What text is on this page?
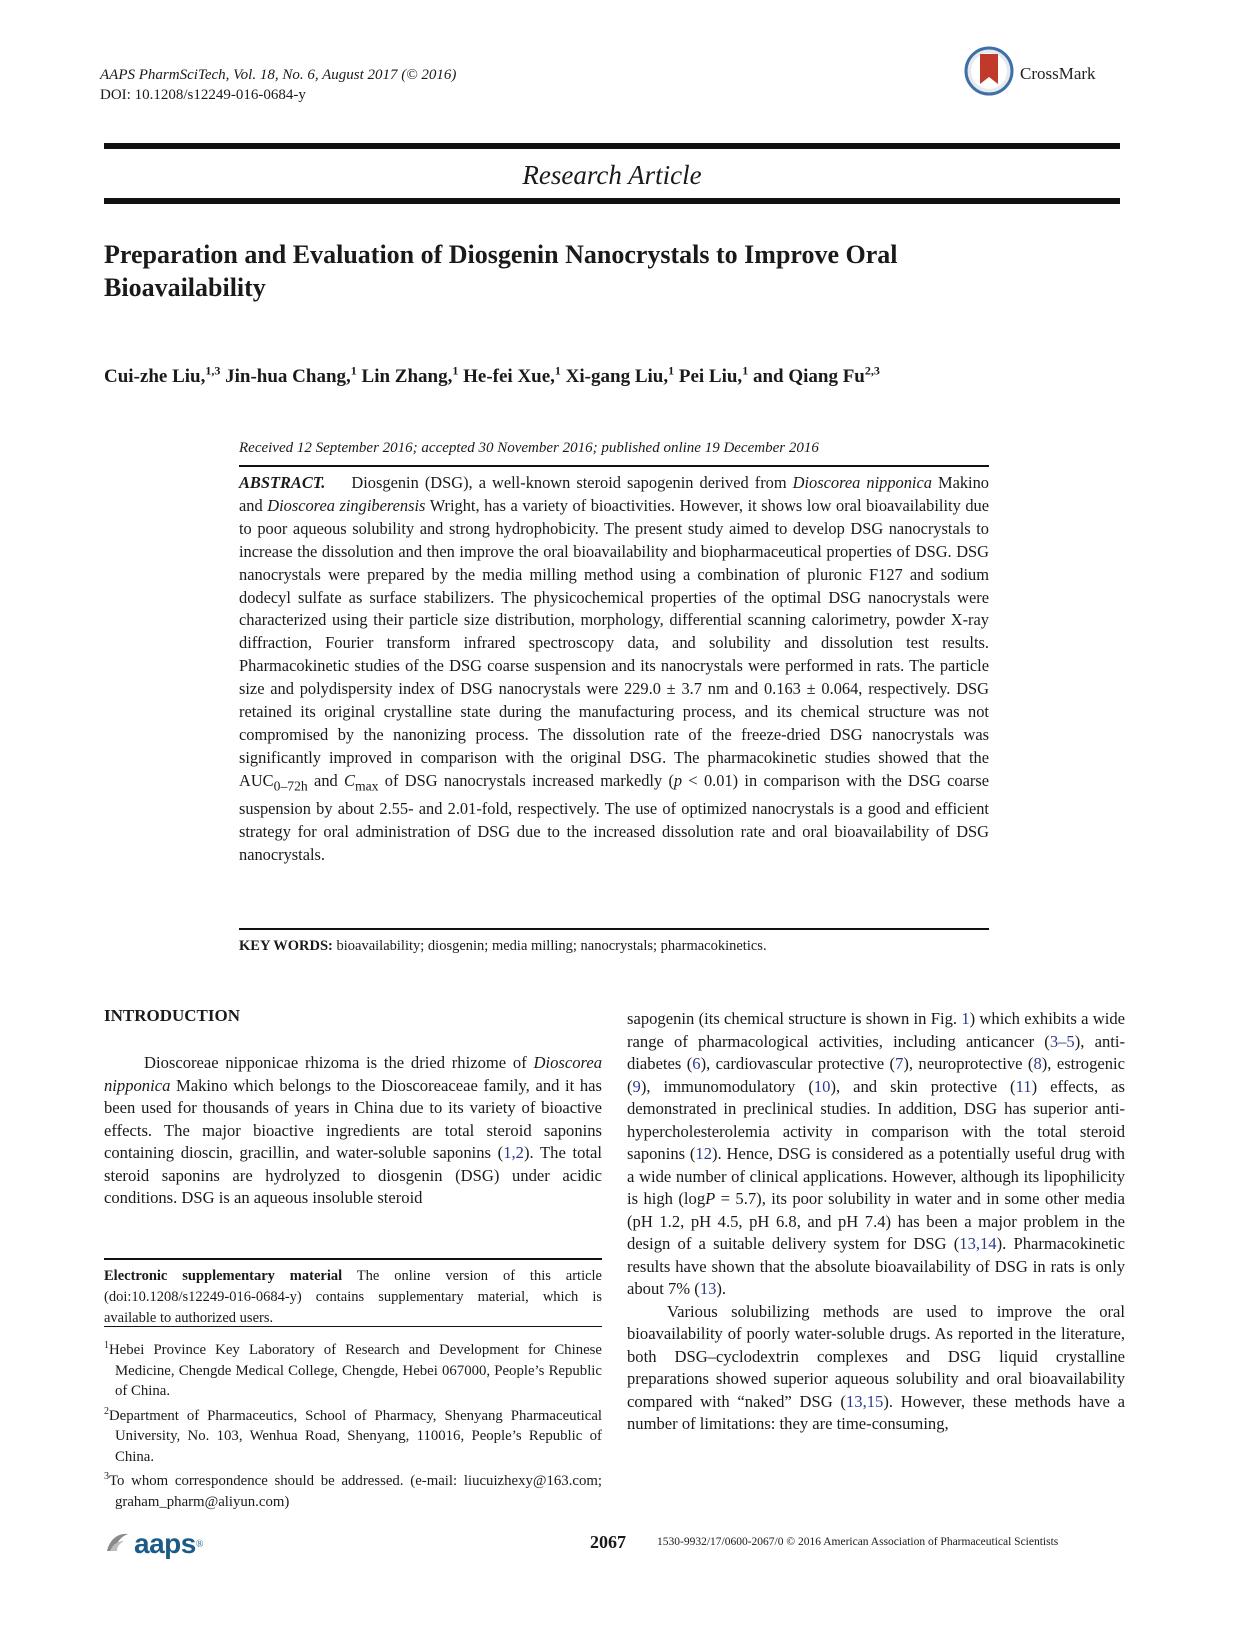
AAPS PharmSciTech, Vol. 18, No. 6, August 2017 (© 2016)
DOI: 10.1208/s12249-016-0684-y
CrossMark
Research Article
Preparation and Evaluation of Diosgenin Nanocrystals to Improve Oral Bioavailability
Cui-zhe Liu,$^{1,3}$ Jin-hua Chang,$^1$ Lin Zhang,$^1$ He-fei Xue,$^1$ Xi-gang Liu,$^1$ Pei Liu,$^1$ and Qiang Fu$^{2,3}$
Received 12 September 2016; accepted 30 November 2016; published online 19 December 2016
ABSTRACT. Diosgenin (DSG), a well-known steroid sapogenin derived from Dioscorea nipponica Makino and Dioscorea zingiberensis Wright, has a variety of bioactivities. However, it shows low oral bioavailability due to poor aqueous solubility and strong hydrophobicity. The present study aimed to develop DSG nanocrystals to increase the dissolution and then improve the oral bioavailability and biopharmaceutical properties of DSG. DSG nanocrystals were prepared by the media milling method using a combination of pluronic F127 and sodium dodecyl sulfate as surface stabilizers. The physicochemical properties of the optimal DSG nanocrystals were characterized using their particle size distribution, morphology, differential scanning calorimetry, powder X-ray diffraction, Fourier transform infrared spectroscopy data, and solubility and dissolution test results. Pharmacokinetic studies of the DSG coarse suspension and its nanocrystals were performed in rats. The particle size and polydispersity index of DSG nanocrystals were 229.0 ± 3.7 nm and 0.163 ± 0.064, respectively. DSG retained its original crystalline state during the manufacturing process, and its chemical structure was not compromised by the nanonizing process. The dissolution rate of the freeze-dried DSG nanocrystals was significantly improved in comparison with the original DSG. The pharmacokinetic studies showed that the $AUC_{0-72h}$ and $C_{max}$ of DSG nanocrystals increased markedly (p < 0.01) in comparison with the DSG coarse suspension by about 2.55- and 2.01-fold, respectively. The use of optimized nanocrystals is a good and efficient strategy for oral administration of DSG due to the increased dissolution rate and oral bioavailability of DSG nanocrystals.
KEY WORDS: bioavailability; diosgenin; media milling; nanocrystals; pharmacokinetics.
INTRODUCTION
Dioscoreae nipponicae rhizoma is the dried rhizome of Dioscorea nipponica Makino which belongs to the Dioscoreaceae family, and it has been used for thousands of years in China due to its variety of bioactive effects. The major bioactive ingredients are total steroid saponins containing dioscin, gracillin, and water-soluble saponins (1,2). The total steroid saponins are hydrolyzed to diosgenin (DSG) under acidic conditions. DSG is an aqueous insoluble steroid
sapogenin (its chemical structure is shown in Fig. 1) which exhibits a wide range of pharmacological activities, including anticancer (3–5), anti-diabetes (6), cardiovascular protective (7), neuroprotective (8), estrogenic (9), immunomodulatory (10), and skin protective (11) effects, as demonstrated in preclinical studies. In addition, DSG has superior anti-hypercholesterolemia activity in comparison with the total steroid saponins (12). Hence, DSG is considered as a potentially useful drug with a wide number of clinical applications. However, although its lipophilicity is high (logP = 5.7), its poor solubility in water and in some other media (pH 1.2, pH 4.5, pH 6.8, and pH 7.4) has been a major problem in the design of a suitable delivery system for DSG (13,14). Pharmacokinetic results have shown that the absolute bioavailability of DSG in rats is only about 7% (13).
Various solubilizing methods are used to improve the oral bioavailability of poorly water-soluble drugs. As reported in the literature, both DSG–cyclodextrin complexes and DSG liquid crystalline preparations showed superior aqueous solubility and oral bioavailability compared with “naked” DSG (13,15). However, these methods have a number of limitations: they are time-consuming,
Electronic supplementary material The online version of this article (doi:10.1208/s12249-016-0684-y) contains supplementary material, which is available to authorized users.
$^1$Hebei Province Key Laboratory of Research and Development for Chinese Medicine, Chengde Medical College, Chengde, Hebei 067000, People’s Republic of China.
$^2$Department of Pharmaceutics, School of Pharmacy, Shenyang Pharmaceutical University, No. 103, Wenhua Road, Shenyang, 110016, People’s Republic of China.
$^3$To whom correspondence should be addressed. (e-mail: liucuizhexy@163.com; graham_pharm@aliyun.com)
aaps ®	2067	1530-9932/17/0600-2067/0 © 2016 American Association of Pharmaceutical Scientists
